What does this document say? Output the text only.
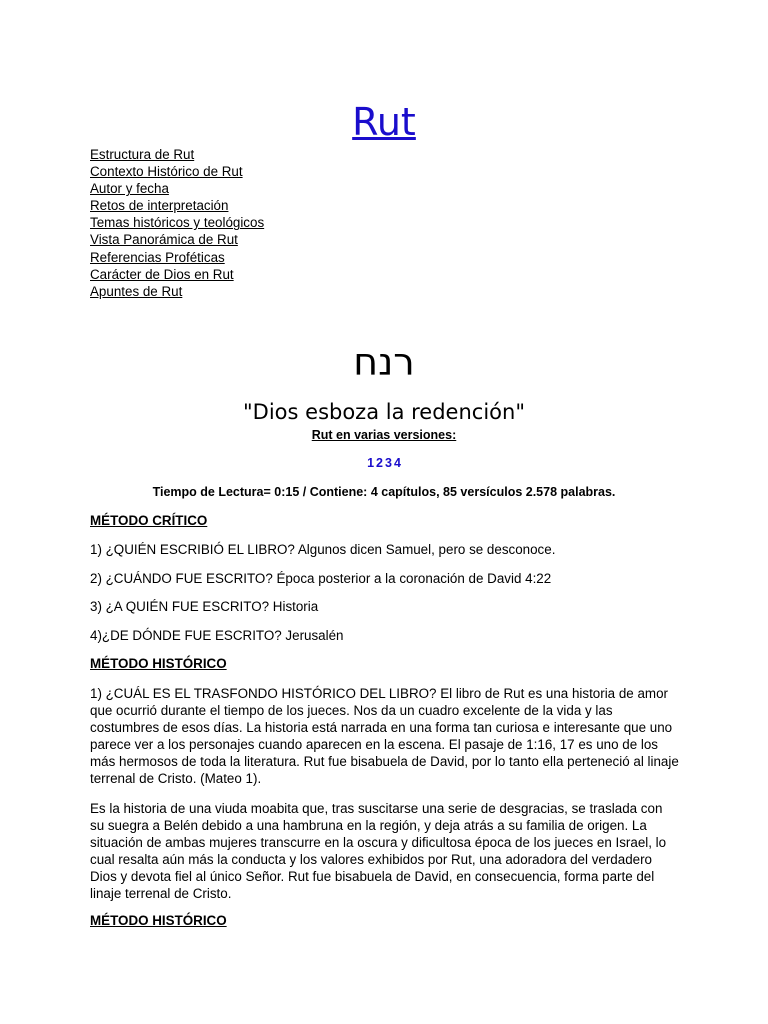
Rut
Estructura de Rut
Contexto Histórico de Rut
Autor y fecha
Retos de interpretación
Temas históricos y teológicos
Vista Panorámica de Rut
Referencias Proféticas
Carácter de Dios en Rut
Apuntes de Rut

רנח

"Dios esboza la redención"
Rut en varias versiones:
1 2 3 4
Tiempo de Lectura= 0:15 / Contiene: 4 capítulos, 85 versículos 2.578 palabras.

MÉTODO CRÍTICO

1) ¿QUIÉN ESCRIBIÓ EL LIBRO? Algunos dicen Samuel, pero se desconoce.

2) ¿CUÁNDO FUE ESCRITO? Época posterior a la coronación de David 4:22

3) ¿A QUIÉN FUE ESCRITO? Historia

4)¿DE DÓNDE FUE ESCRITO? Jerusalén

MÉTODO HISTÓRICO

1) ¿CUÁL ES EL TRASFONDO HISTÓRICO DEL LIBRO? El libro de Rut es una historia de amor que ocurrió durante el tiempo de los jueces. Nos da un cuadro excelente de la vida y las costumbres de esos días. La historia está narrada en una forma tan curiosa e interesante que uno parece ver a los personajes cuando aparecen en la escena. El pasaje de 1:16, 17 es uno de los más hermosos de toda la literatura. Rut fue bisabuela de David, por lo tanto ella perteneció al linaje terrenal de Cristo. (Mateo 1).

Es la historia de una viuda moabita que, tras suscitarse una serie de desgracias, se traslada con su suegra a Belén debido a una hambruna en la región, y deja atrás a su familia de origen. La situación de ambas mujeres transcurre en la oscura y dificultosa época de los jueces en Israel, lo cual resalta aún más la conducta y los valores exhibidos por Rut, una adoradora del verdadero Dios y devota fiel al único Señor. Rut fue bisabuela de David, en consecuencia, forma parte del linaje terrenal de Cristo.

MÉTODO HISTÓRICO
